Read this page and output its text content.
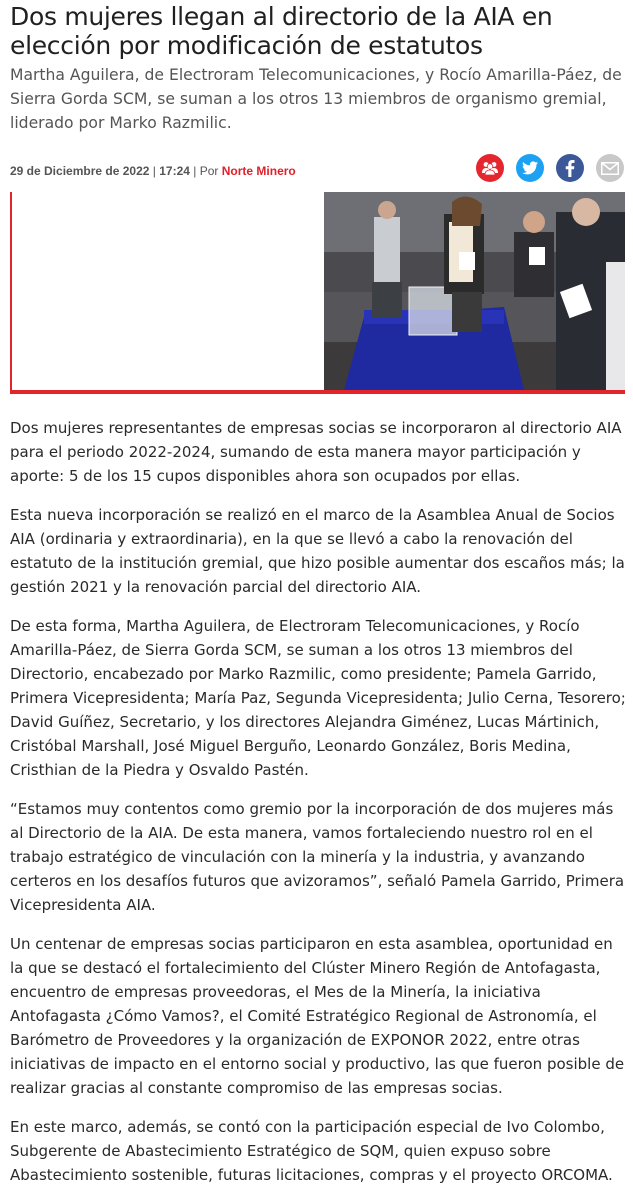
Dos mujeres llegan al directorio de la AIA en elección por modificación de estatutos

Martha Aguilera, de Electroram Telecomunicaciones, y Rocío Amarilla-Páez, de Sierra Gorda SCM, se suman a los otros 13 miembros de organismo gremial, liderado por Marko Razmilic.

29 de Diciembre de 2022 | 17:24 | Por Norte Minero

Dos mujeres representantes de empresas socias se incorporaron al directorio AIA para el periodo 2022-2024, sumando de esta manera mayor participación y aporte: 5 de los 15 cupos disponibles ahora son ocupados por ellas.

Esta nueva incorporación se realizó en el marco de la Asamblea Anual de Socios AIA (ordinaria y extraordinaria), en la que se llevó a cabo la renovación del estatuto de la institución gremial, que hizo posible aumentar dos escaños más; la gestión 2021 y la renovación parcial del directorio AIA.

De esta forma, Martha Aguilera, de Electroram Telecomunicaciones, y Rocío Amarilla-Páez, de Sierra Gorda SCM, se suman a los otros 13 miembros del Directorio, encabezado por Marko Razmilic, como presidente; Pamela Garrido, Primera Vicepresidenta; María Paz, Segunda Vicepresidenta; Julio Cerna, Tesorero; David Guíñez, Secretario, y los directores Alejandra Giménez, Lucas Mártinich, Cristóbal Marshall, José Miguel Berguño, Leonardo González, Boris Medina, Cristhian de la Piedra y Osvaldo Pastén.

“Estamos muy contentos como gremio por la incorporación de dos mujeres más al Directorio de la AIA. De esta manera, vamos fortaleciendo nuestro rol en el trabajo estratégico de vinculación con la minería y la industria, y avanzando certeros en los desafíos futuros que avizoramos”, señaló Pamela Garrido, Primera Vicepresidenta AIA.

Un centenar de empresas socias participaron en esta asamblea, oportunidad en la que se destacó el fortalecimiento del Clúster Minero Región de Antofagasta, encuentro de empresas proveedoras, el Mes de la Minería, la iniciativa Antofagasta ¿Cómo Vamos?, el Comité Estratégico Regional de Astronomía, el Barómetro de Proveedores y la organización de EXPONOR 2022, entre otras iniciativas de impacto en el entorno social y productivo, las que fueron posible de realizar gracias al constante compromiso de las empresas socias.

En este marco, además, se contó con la participación especial de Ivo Colombo, Subgerente de Abastecimiento Estratégico de SQM, quien expuso sobre Abastecimiento sostenible, futuras licitaciones, compras y el proyecto ORCOMA.
